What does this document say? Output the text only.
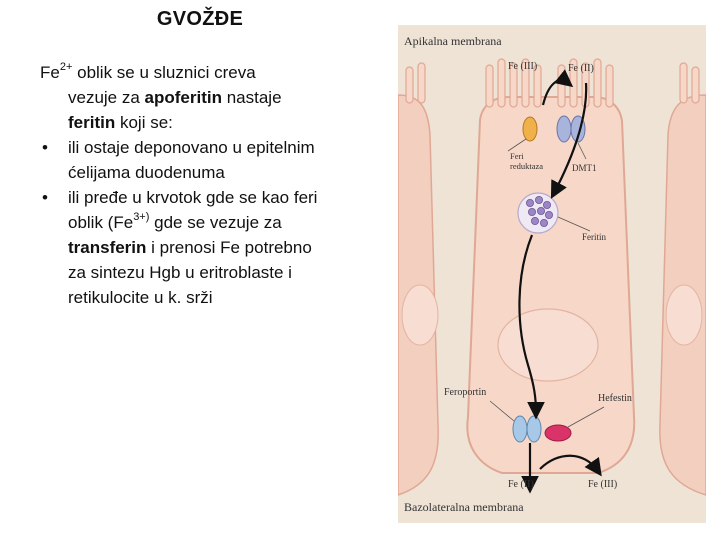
GVOŽĐE

$Fe^{2+}$ oblik se u sluznici creva

vezuje za apoferitin nastaje feritin koji se:

• ili ostaje deponovano u epitelnim ćelijama duodenuma
• ili pređe u krvotok gde se kao feri oblik ($Fe^{3+)}$ gde se vezuje za transferin i prenosi Fe potrebno za sintezu Hgb u eritroblaste i retikulocite u k. srži
Apikalna membrana
Fe (III)	Fe (II)
Feri
reduktaza	DMT1
Feritin
Feroportin
Hefestin
Fe (II)	Fe (III)
Bazolateralna membrana
